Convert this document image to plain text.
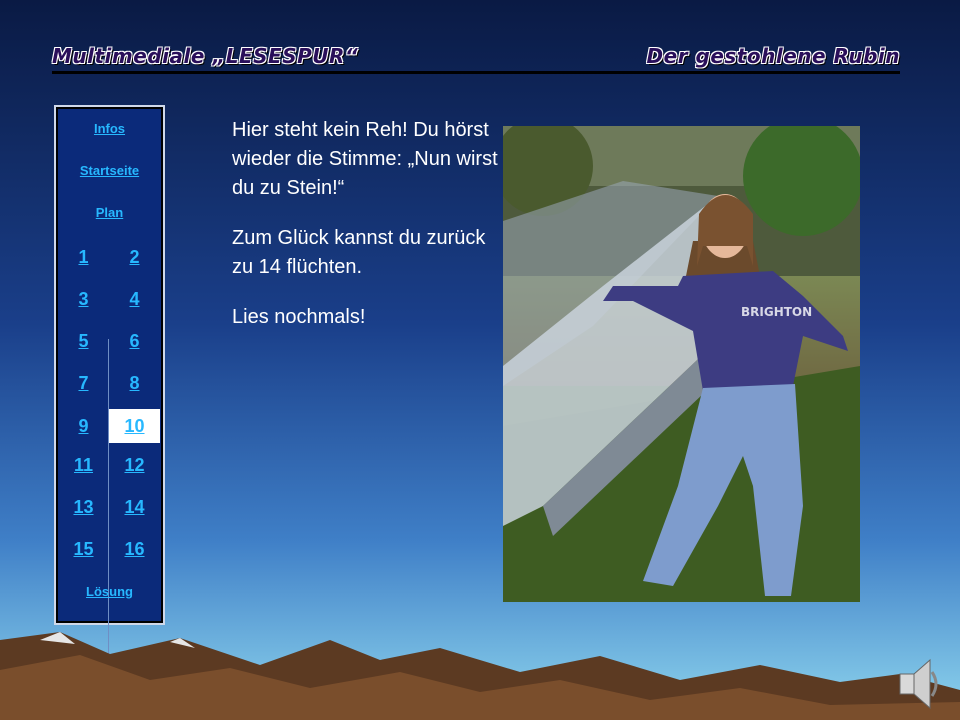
Multimediale „LESESPUR“	Der gestohlene Rubin
Infos
Startseite
Plan
1	2
3	4
5	6
7	8
9	10
11	12
13	14
15	16
Lösung

Hier steht kein Reh! Du hörst wieder die Stimme: „Nun wirst du zu Stein!“

Zum Glück kannst du zurück zu 14 flüchten.

Lies nochmals!	BRIGHTON
